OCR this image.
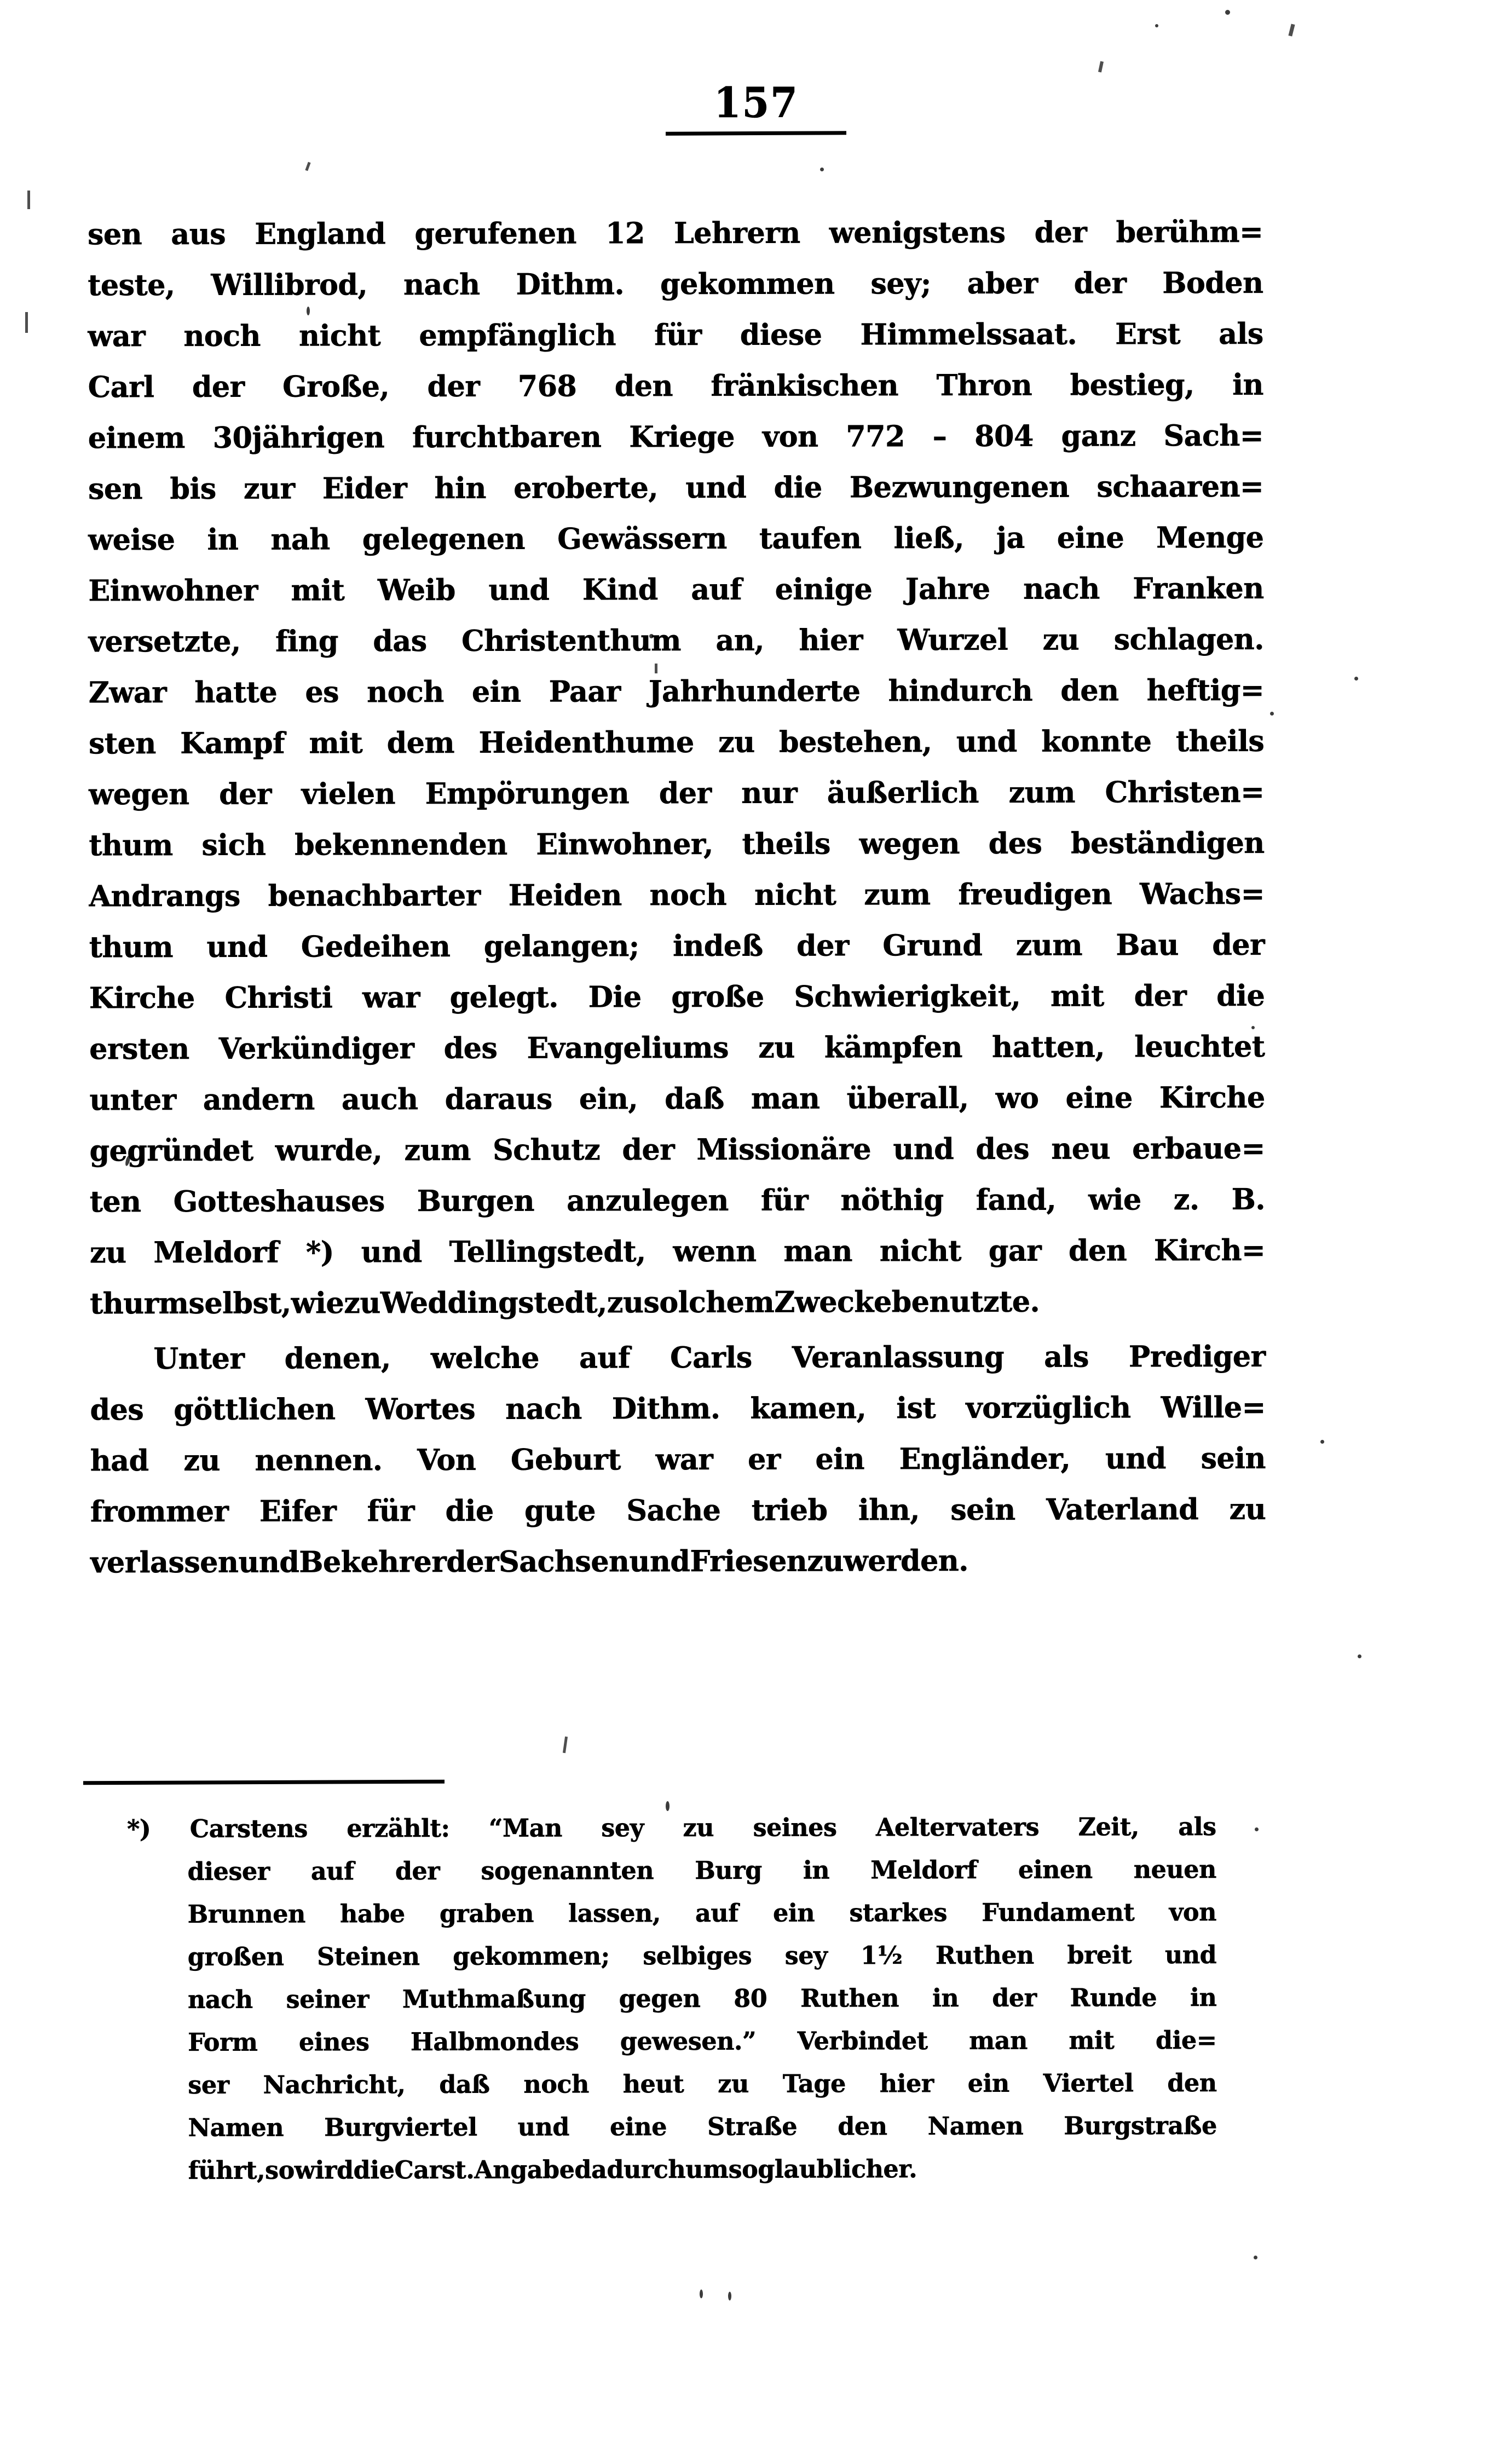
157
sen aus England gerufenen 12 Lehrern wenigstens der berühm=
teste, Willibrod, nach Dithm. gekommen sey; aber der Boden
war noch nicht empfänglich für diese Himmelssaat. Erst als
Carl der Große, der 768 den fränkischen Thron bestieg, in
einem 30jährigen furchtbaren Kriege von 772 – 804 ganz Sach=
sen bis zur Eider hin eroberte, und die Bezwungenen schaaren=
weise in nah gelegenen Gewässern taufen ließ, ja eine Menge
Einwohner mit Weib und Kind auf einige Jahre nach Franken
versetzte, fing das Christenthum an, hier Wurzel zu schlagen.
Zwar hatte es noch ein Paar Jahrhunderte hindurch den heftig=
sten Kampf mit dem Heidenthume zu bestehen, und konnte theils
wegen der vielen Empörungen der nur äußerlich zum Christen=
thum sich bekennenden Einwohner, theils wegen des beständigen
Andrangs benachbarter Heiden noch nicht zum freudigen Wachs=
thum und Gedeihen gelangen; indeß der Grund zum Bau der
Kirche Christi war gelegt. Die große Schwierigkeit, mit der die
ersten Verkündiger des Evangeliums zu kämpfen hatten, leuchtet
unter andern auch daraus ein, daß man überall, wo eine Kirche
gegründet wurde, zum Schutz der Missionäre und des neu erbaue=
ten Gotteshauses Burgen anzulegen für nöthig fand, wie z. B.
zu Meldorf *) und Tellingstedt, wenn man nicht gar den Kirch=
thurm selbst, wie zu Weddingstedt, zu solchem Zwecke benutzte.
Unter denen, welche auf Carls Veranlassung als Prediger
des göttlichen Wortes nach Dithm. kamen, ist vorzüglich Wille=
had zu nennen. Von Geburt war er ein Engländer, und sein
frommer Eifer für die gute Sache trieb ihn, sein Vaterland zu
verlassen und Bekehrer der Sachsen und Friesen zu werden.
*) Carstens erzählt: “Man sey zu seines Aeltervaters Zeit, als
dieser auf der sogenannten Burg in Meldorf einen neuen
Brunnen habe graben lassen, auf ein starkes Fundament von
großen Steinen gekommen; selbiges sey 1½ Ruthen breit und
nach seiner Muthmaßung gegen 80 Ruthen in der Runde in
Form eines Halbmondes gewesen.” Verbindet man mit die=
ser Nachricht, daß noch heut zu Tage hier ein Viertel den
Namen Burgviertel und eine Straße den Namen Burgstraße
führt, so wird die Carst. Angabe dadurch um so glaublicher.
